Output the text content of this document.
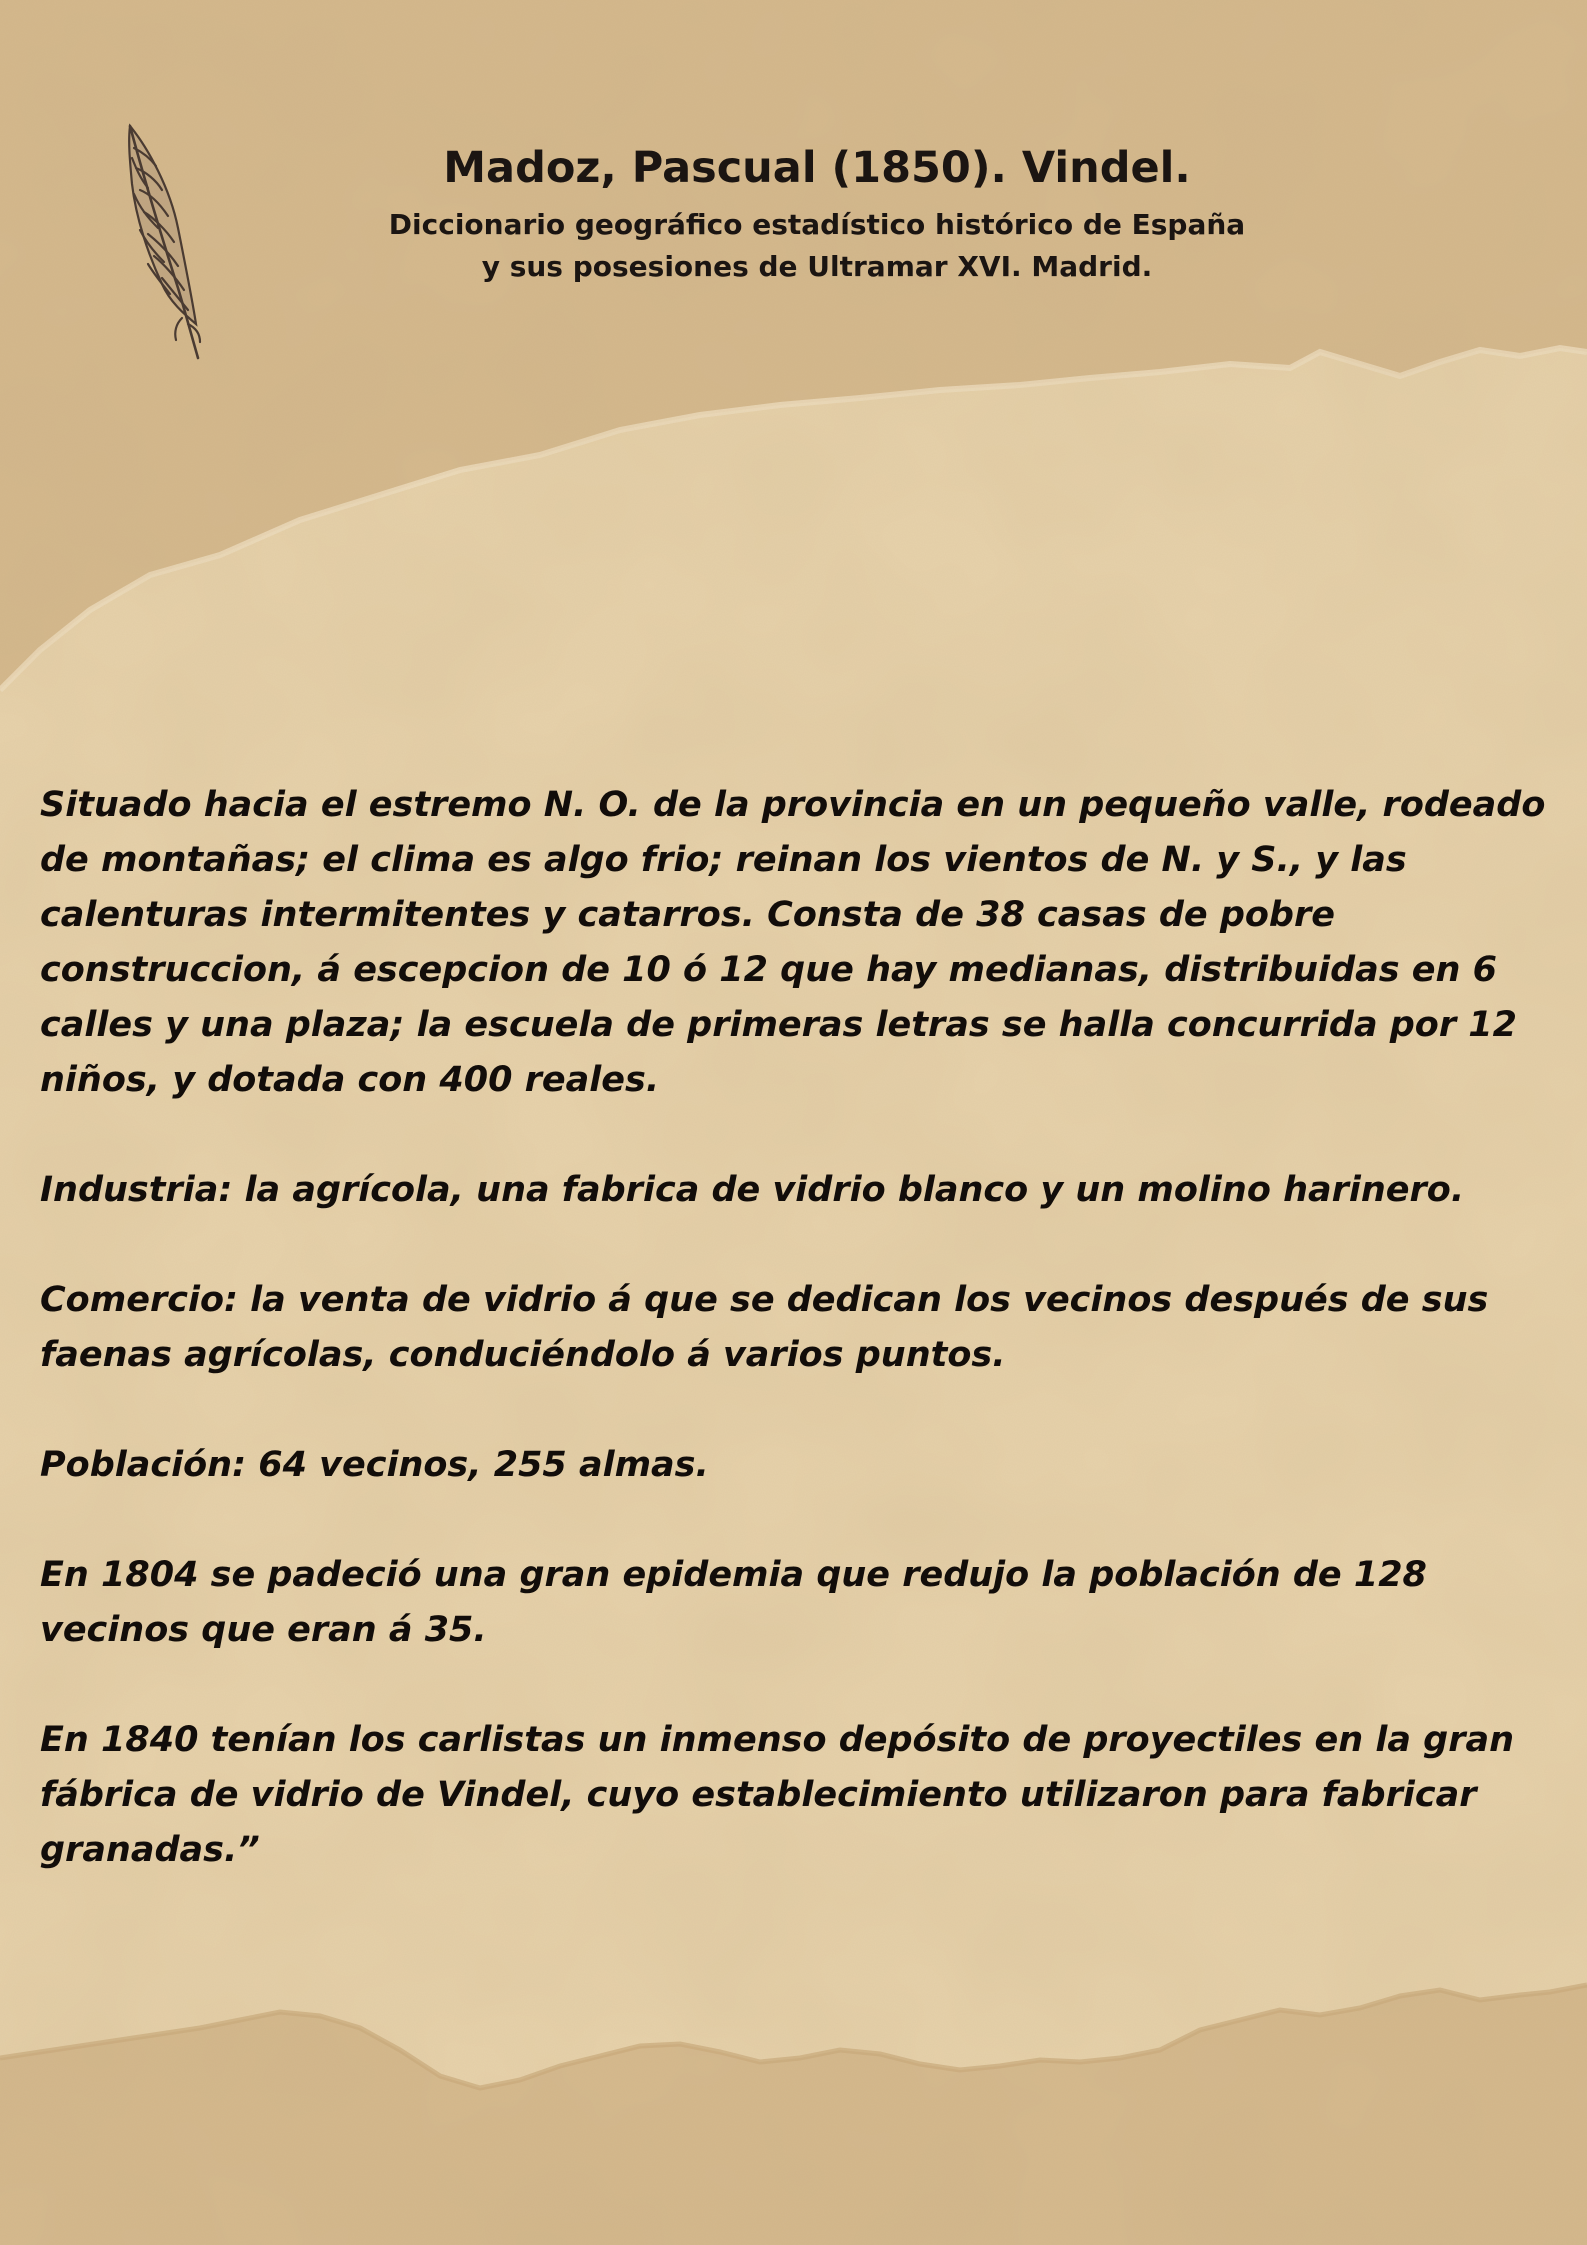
Madoz, Pascual (1850). Vindel.
Diccionario geográfico estadístico histórico de España
y sus posesiones de Ultramar XVI. Madrid.

Situado hacia el estremo N. O. de la provincia en un pequeño valle, rodeado de montañas; el clima es algo frio; reinan los vientos de N. y S., y las calenturas intermitentes y catarros. Consta de 38 casas de pobre construccion, á escepcion de 10 ó 12 que hay medianas, distribuidas en 6 calles y una plaza; la escuela de primeras letras se halla concurrida por 12 niños, y dotada con 400 reales.

Industria: la agrícola, una fabrica de vidrio blanco y un molino harinero.

Comercio: la venta de vidrio á que se dedican los vecinos después de sus faenas agrícolas, conduciéndolo á varios puntos.

Población: 64 vecinos, 255 almas.

En 1804 se padeció una gran epidemia que redujo la población de 128 vecinos que eran á 35.

En 1840 tenían los carlistas un inmenso depósito de proyectiles en la gran fábrica de vidrio de Vindel, cuyo establecimiento utilizaron para fabricar granadas.”
